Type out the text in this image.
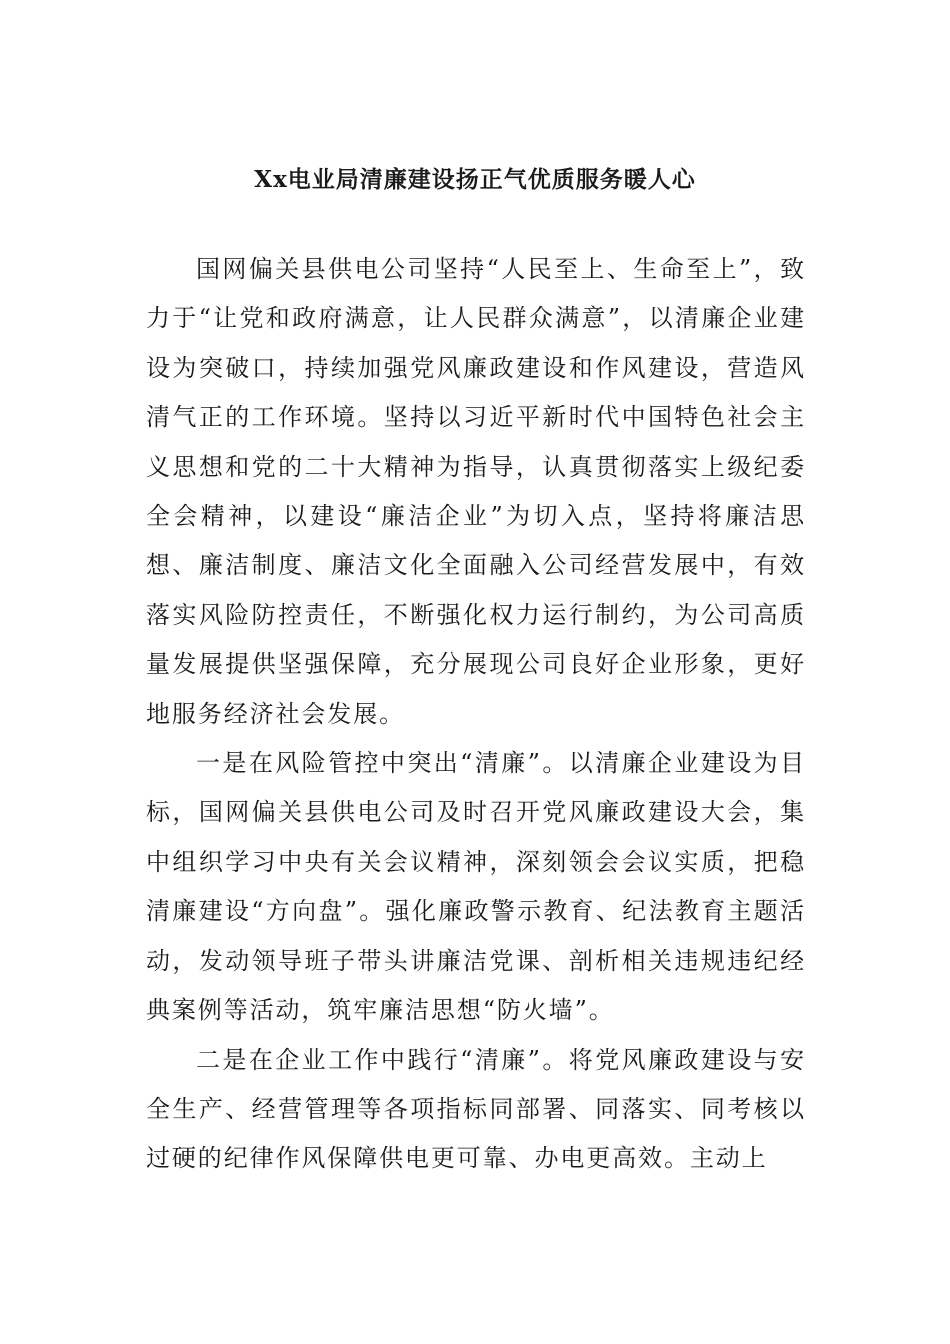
Xx电业局清廉建设扬正气优质服务暖人心

国网偏关县供电公司坚持“人民至上、生命至上”，致力于“让党和政府满意，让人民群众满意”，以清廉企业建设为突破口，持续加强党风廉政建设和作风建设，营造风清气正的工作环境。坚持以习近平新时代中国特色社会主义思想和党的二十大精神为指导，认真贯彻落实上级纪委全会精神，以建设“廉洁企业”为切入点，坚持将廉洁思想、廉洁制度、廉洁文化全面融入公司经营发展中，有效落实风险防控责任，不断强化权力运行制约，为公司高质量发展提供坚强保障，充分展现公司良好企业形象，更好地服务经济社会发展。

一是在风险管控中突出“清廉”。以清廉企业建设为目标，国网偏关县供电公司及时召开党风廉政建设大会，集中组织学习中央有关会议精神，深刻领会会议实质，把稳清廉建设“方向盘”。强化廉政警示教育、纪法教育主题活动，发动领导班子带头讲廉洁党课、剖析相关违规违纪经典案例等活动，筑牢廉洁思想“防火墙”。

二是在企业工作中践行“清廉”。将党风廉政建设与安全生产、经营管理等各项指标同部署、同落实、同考核以过硬的纪律作风保障供电更可靠、办电更高效。主动上
